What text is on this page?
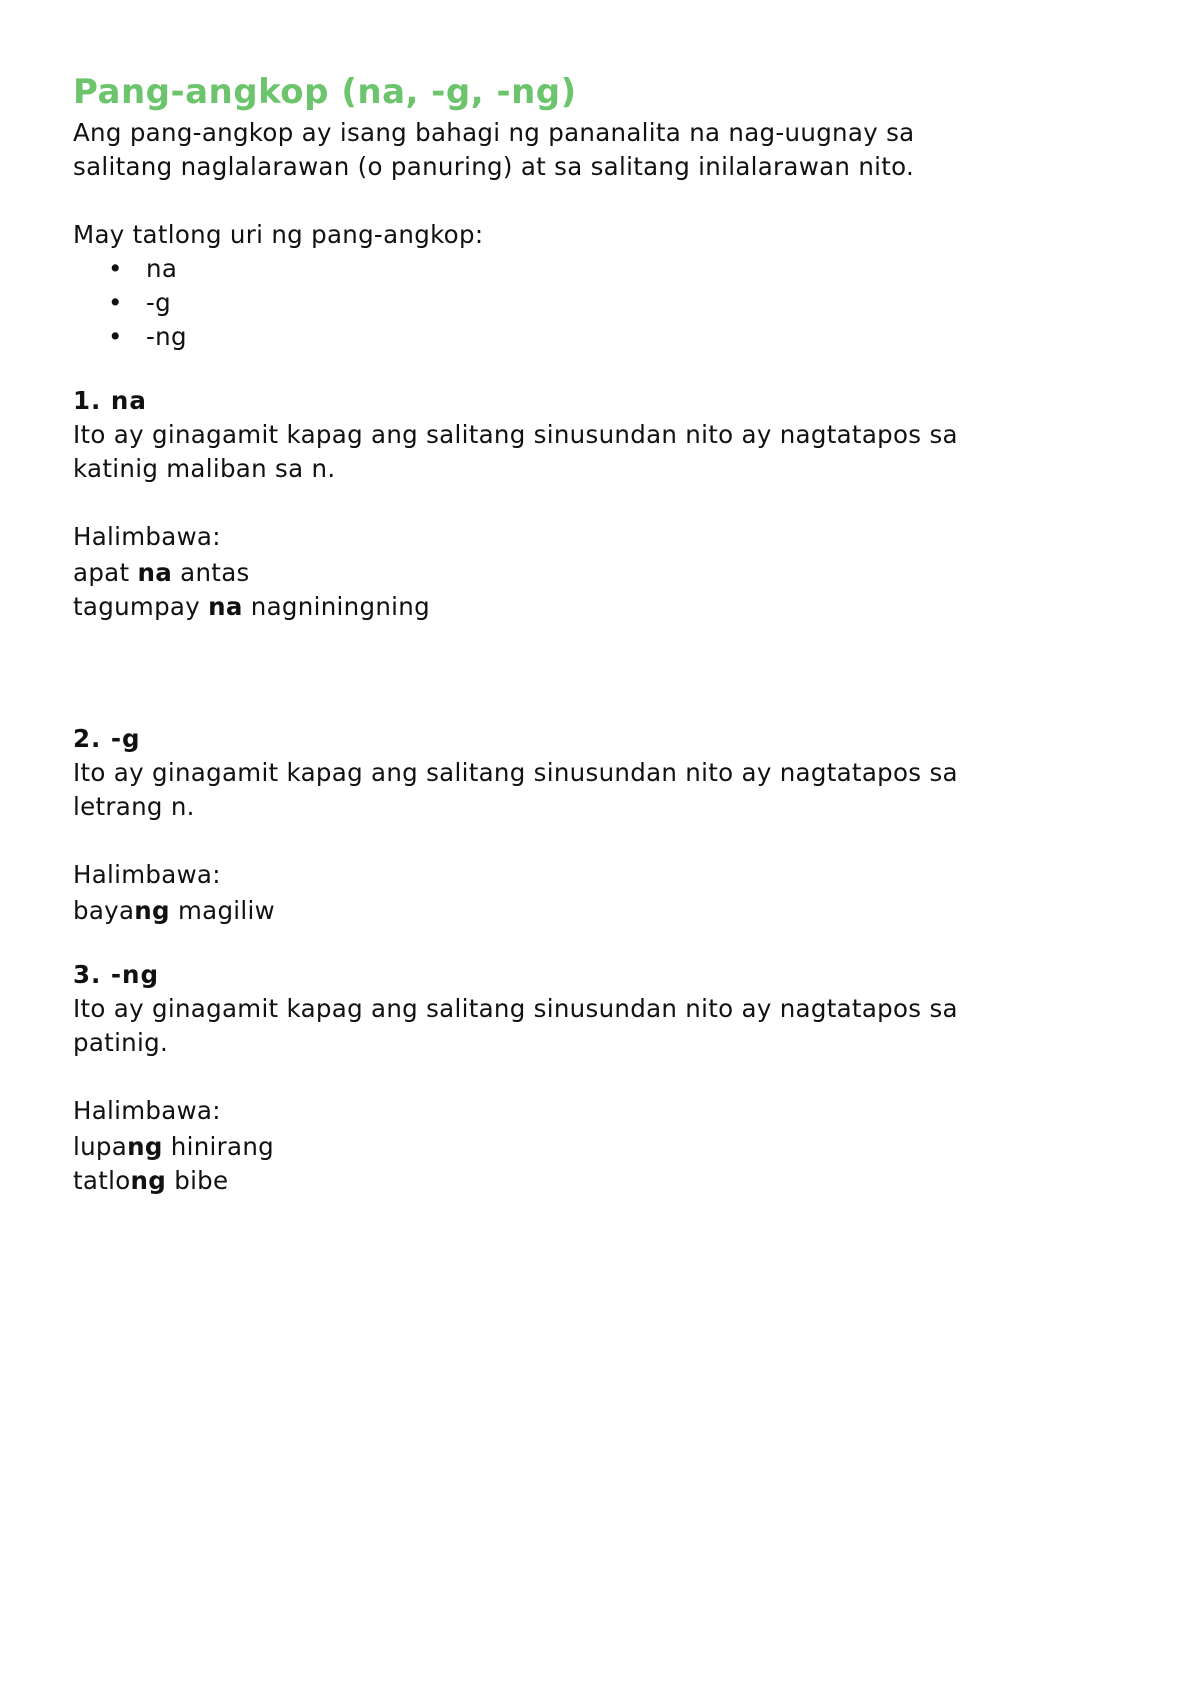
Pang-angkop (na, -g, -ng)

Ang pang-angkop ay isang bahagi ng pananalita na nag-uugnay sa

salitang naglalarawan (o panuring) at sa salitang inilalarawan nito.

May tatlong uri ng pang-angkop:

• na
• -g
• -ng

1. na

Ito ay ginagamit kapag ang salitang sinusundan nito ay nagtatapos sa

katinig maliban sa n.

Halimbawa:

apat na antas

tagumpay na nagniningning

2. -g

Ito ay ginagamit kapag ang salitang sinusundan nito ay nagtatapos sa

letrang n.

Halimbawa:

bayang magiliw

3. -ng

Ito ay ginagamit kapag ang salitang sinusundan nito ay nagtatapos sa

patinig.

Halimbawa:

lupang hinirang

tatlong bibe
